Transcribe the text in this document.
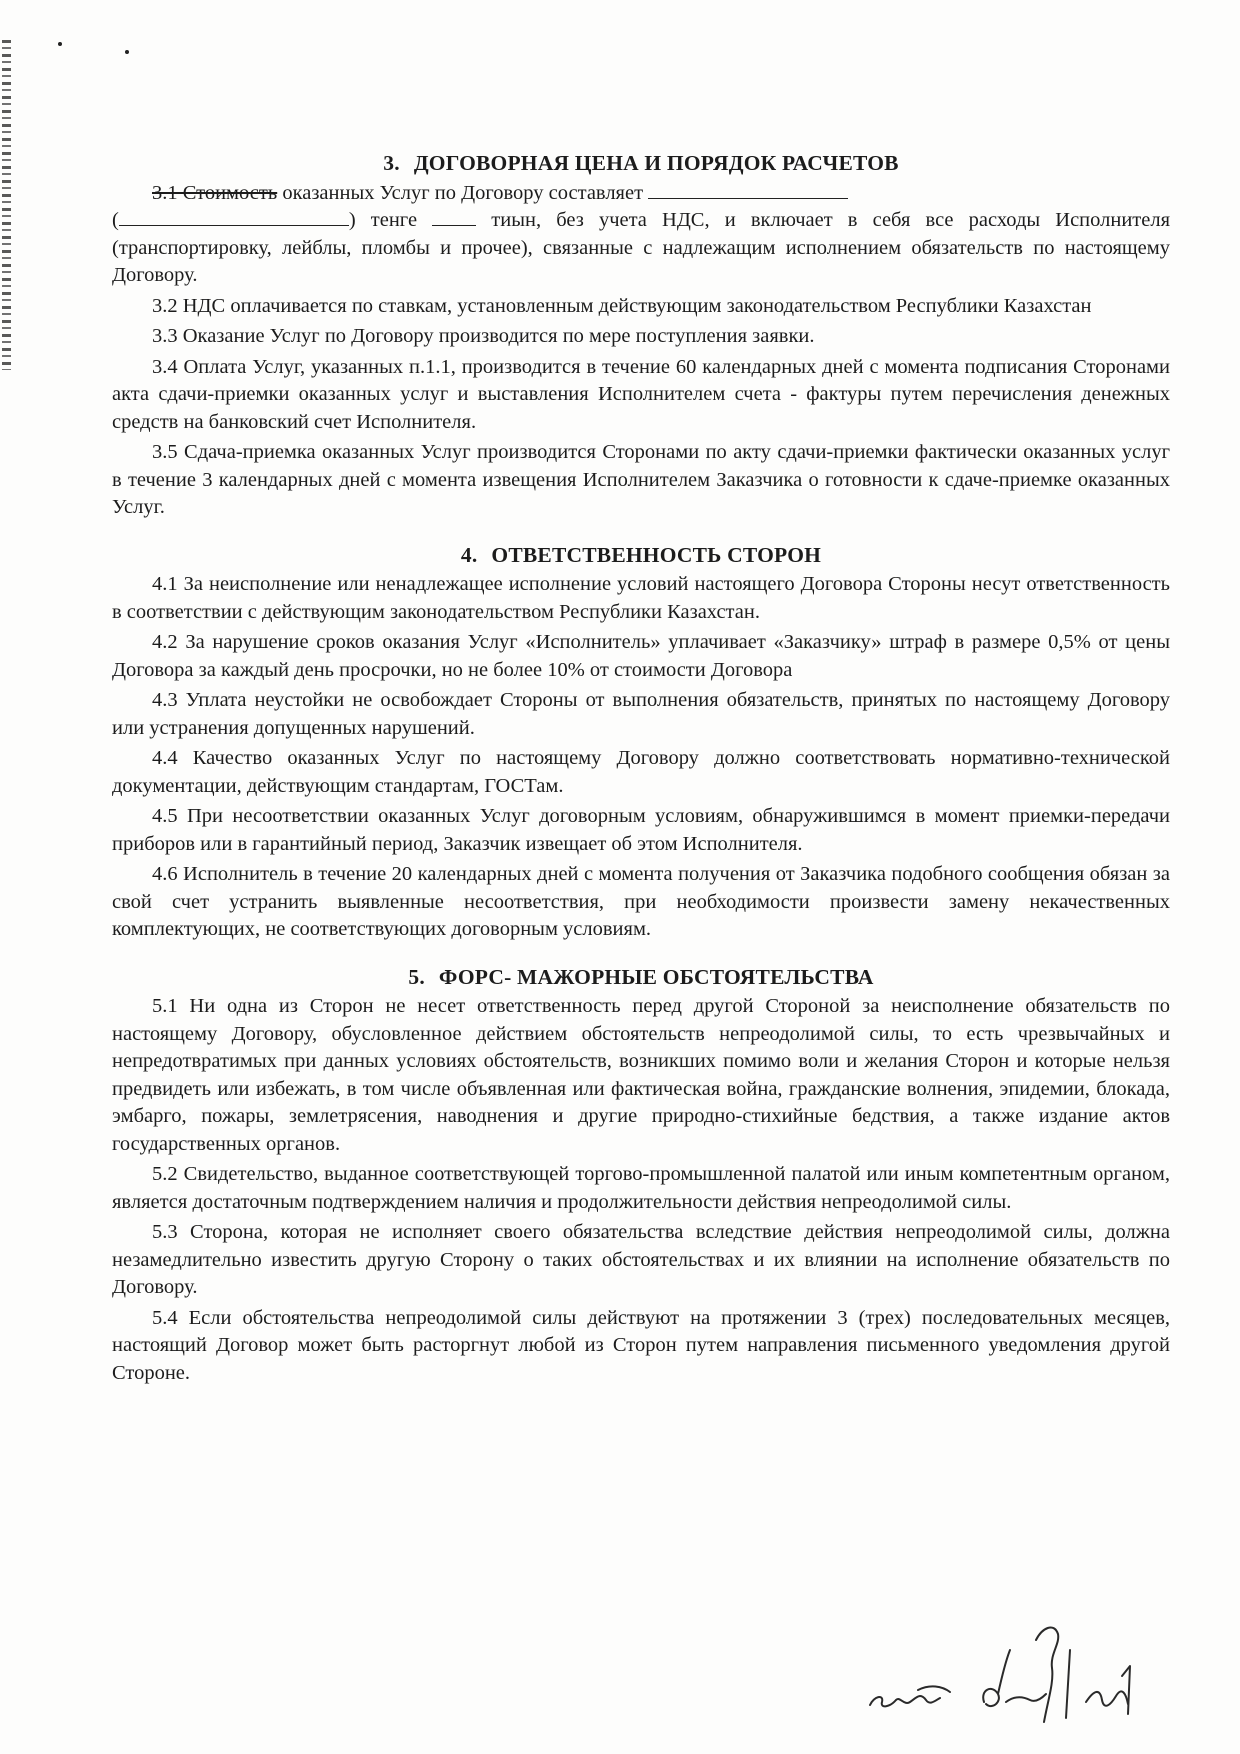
3. ДОГОВОРНАЯ ЦЕНА И ПОРЯДОК РАСЧЕТОВ

3.1 Стоимость оказанных Услуг по Договору составляет
(	) тенге	тиын, без учета НДС, и включает в себя все расходы Исполнителя (транспортировку, лейблы, пломбы и прочее), связанные с надлежащим исполнением обязательств по настоящему Договору.

3.2 НДС оплачивается по ставкам, установленным действующим законодательством Республики Казахстан

3.3 Оказание Услуг по Договору производится по мере поступления заявки.

3.4 Оплата Услуг, указанных п.1.1, производится в течение 60 календарных дней с момента подписания Сторонами акта сдачи-приемки оказанных услуг и выставления Исполнителем счета - фактуры путем перечисления денежных средств на банковский счет Исполнителя.

3.5 Сдача-приемка оказанных Услуг производится Сторонами по акту сдачи-приемки фактически оказанных услуг в течение 3 календарных дней с момента извещения Исполнителем Заказчика о готовности к сдаче-приемке оказанных Услуг.

4. ОТВЕТСТВЕННОСТЬ СТОРОН

4.1 За неисполнение или ненадлежащее исполнение условий настоящего Договора Стороны несут ответственность в соответствии с действующим законодательством Республики Казахстан.

4.2 За нарушение сроков оказания Услуг «Исполнитель» уплачивает «Заказчику» штраф в размере 0,5% от цены Договора за каждый день просрочки, но не более 10% от стоимости Договора

4.3 Уплата неустойки не освобождает Стороны от выполнения обязательств, принятых по настоящему Договору или устранения допущенных нарушений.

4.4 Качество оказанных Услуг по настоящему Договору должно соответствовать нормативно-технической документации, действующим стандартам, ГОСТам.

4.5 При несоответствии оказанных Услуг договорным условиям, обнаружившимся в момент приемки-передачи приборов или в гарантийный период, Заказчик извещает об этом Исполнителя.

4.6 Исполнитель в течение 20 календарных дней с момента получения от Заказчика подобного сообщения обязан за свой счет устранить выявленные несоответствия, при необходимости произвести замену некачественных комплектующих, не соответствующих договорным условиям.

5. ФОРС- МАЖОРНЫЕ ОБСТОЯТЕЛЬСТВА

5.1 Ни одна из Сторон не несет ответственность перед другой Стороной за неисполнение обязательств по настоящему Договору, обусловленное действием обстоятельств непреодолимой силы, то есть чрезвычайных и непредотвратимых при данных условиях обстоятельств, возникших помимо воли и желания Сторон и которые нельзя предвидеть или избежать, в том числе объявленная или фактическая война, гражданские волнения, эпидемии, блокада, эмбарго, пожары, землетрясения, наводнения и другие природно-стихийные бедствия, а также издание актов государственных органов.

5.2 Свидетельство, выданное соответствующей торгово-промышленной палатой или иным компетентным органом, является достаточным подтверждением наличия и продолжительности действия непреодолимой силы.

5.3 Сторона, которая не исполняет своего обязательства вследствие действия непреодолимой силы, должна незамедлительно известить другую Сторону о таких обстоятельствах и их влиянии на исполнение обязательств по Договору.

5.4 Если обстоятельства непреодолимой силы действуют на протяжении 3 (трех) последовательных месяцев, настоящий Договор может быть расторгнут любой из Сторон путем направления письменного уведомления другой Стороне.
